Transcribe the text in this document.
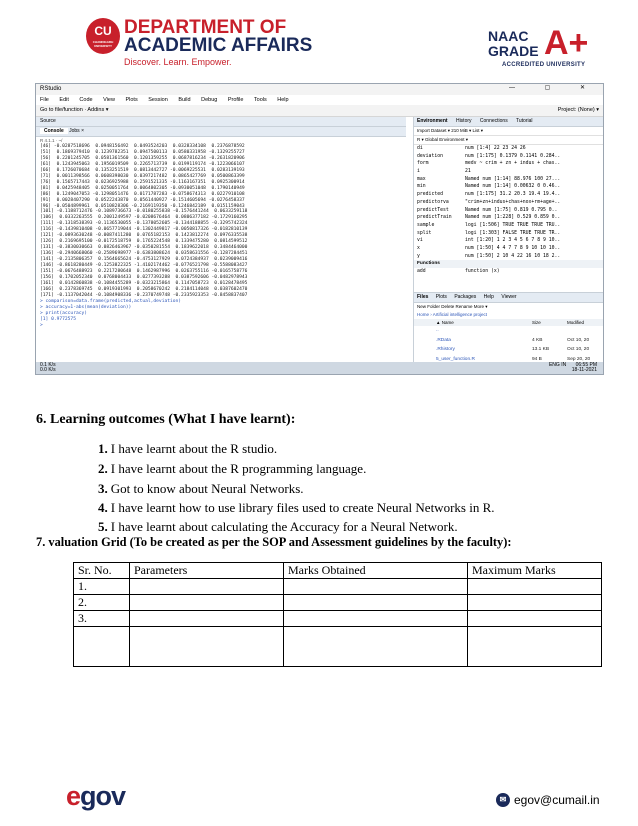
CU
CHANDIGARH UNIVERSITY
DEPARTMENT OF
ACADEMIC AFFAIRS
Discover. Learn. Empower.
NAAC
GRADE A+
ACCREDITED UNIVERSITY
RStudio	— ▢ ✕
File Edit Code View Plots Session Build Debug Profile Tools Help
Go to file/function · Addins ▾	Project: (None) ▾
Source
Console Jobs ×
R 4.1.1 · ~/
[46] -0.0287518696  0.0948156492  0.0493524203  0.0328334108  0.2376878592
[51]  0.1869379410  0.1239782351  0.0947500113  0.0580331958 -0.1329255727
[56]  0.2201245705  0.0581361560  0.1201359255  0.0687816234 -0.2631820906
[61]  0.1243945063  0.1956019509  0.2265713739  0.0199119174 -0.1223066107
[66]  0.1726070684  0.1353251519  0.0813442727 -0.0069225531  0.0283139193
[71]  0.0011398566  0.0608398030  0.0397217482  0.0865427769  0.0500863399
[76]  0.1565717443  0.0236925988  0.2591521335 -0.1163167351  0.0925300914
[81]  0.0425948405  0.0250051764  0.0064802305 -0.0930051048  0.1790140949
[86]  0.1249047053 -0.1298051476  0.0171787283 -0.0758674313  0.0227910108
[91]  0.0028407290  0.0522243870  0.0561440927 -0.1514605694 -0.0276458337
[96] -0.0504899961  0.0510828306 -0.2169119350 -0.1246842189  0.0151159043
[101] -0.1188712476 -0.1089736673 -0.0180255838 -0.1576441244  0.0633259118
[106]  0.0332263555  0.2001249597 -0.0208676464  0.0806377182 -0.1729160295
[111] -0.1318538393 -0.1136530055 -0.1378052605 -0.1344188855 -0.3295742324
[116] -0.1439810408 -0.0657719044 -0.1302449817 -0.0050817326 -0.0182810139
[121] -0.0893630248 -0.0087411280  0.0765182153  0.1423812274  0.0976335538
[126]  0.2169695100 -0.0172518759  0.1765224548  0.1339475280  0.0814599512
[131] -0.3830030663  0.0826463967 -0.0350281554  0.1839622018  0.3484464000
[136] -0.2940668060 -0.2589698977 -0.6383808624  0.0358631556 -0.1287284451
[141] -0.2135806357  0.1564665624 -0.4753127929  0.0724384937  0.0239009416
[146] -0.8618280449 -0.1253822325 -1.4102174462 -0.0776521798 -0.5588083427
[151] -0.0676488923  0.2217280648  0.1462987996  0.0263755116 -0.0165758776
[156]  0.1702052340  0.0768004433  0.0277393288  0.0387592606 -0.0482978943
[161]  0.0142860838 -0.1084455289 -0.0323215864  0.1147058723  0.0128478495
[166]  0.2378369745  0.0919301993  0.2058670242  0.2184114048  0.0387602470
[171] -0.1137042044 -0.1084908336 -0.2370749748 -0.2335923353 -0.8458837407
> comparison=data.frame(predicted,actual,deviation)
> accuracy=1-abs(mean(deviation))
> print(accuracy)
[1] 0.9772575
>
Environment History Connections Tutorial
Import Dataset ▾ 210 MiB ▾ List ▾
R ▾ Global Environment ▾
di	num [1:4] 22 23 24 26
deviation	num [1:175] 0.1379 0.1141 0.284..
form	medv ~ crim + zn + indus + chas..
i	21
max	Named num [1:14] 88.976 100 27...
min	Named num [1:14] 0.00632 0 0.46..
predicted	num [1:175] 31.2 20.3 19.4 19.4..
predictorva	"crim+zn+indus+chas+nox+rm+age+..
predictTest	Named num [1:75] 0.819 0.795 0..
predictTrain	Named num [1:228] 0.529 0.859 0..
sample	logi [1:506] TRUE TRUE TRUE TRU..
split	logi [1:303] FALSE TRUE TRUE TR..
vi	int [1:20] 1 2 3 4 5 6 7 8 9 10..
x	num [1:50] 4 4 7 7 8 9 10 10 10..
y	num [1:50] 2 10 4 22 16 10 18 2..
Functions
add	function (x)
Files Plots Packages Help Viewer
New Folder Delete Rename More ▾
Home › Artificial intelligence project
▲ Name	Size	Modified
..
.RData	4 KB	Oct 10, 20
.Rhistory	13.1 KB	Oct 10, 20
5_user_function.R	94 B	Sep 20, 20
0.1 K/s
0.0 K/s
ENG IN 06:55 PM
18-11-2021
6. Learning outcomes (What I have learnt):
1. I have learnt about the R studio.
2. I have learnt about the R programming language.
3. Got to know about Neural Networks.
4. I have learnt how to use library files used to create Neural Networks in R.
5. I have learnt about calculating the Accuracy for a Neural Network.
7. valuation Grid (To be created as per the SOP and Assessment guidelines by the faculty):
Sr. No.	Parameters	Marks Obtained	Maximum Marks
1.			
2.			
3.			

egov	✉ egov@cumail.in
